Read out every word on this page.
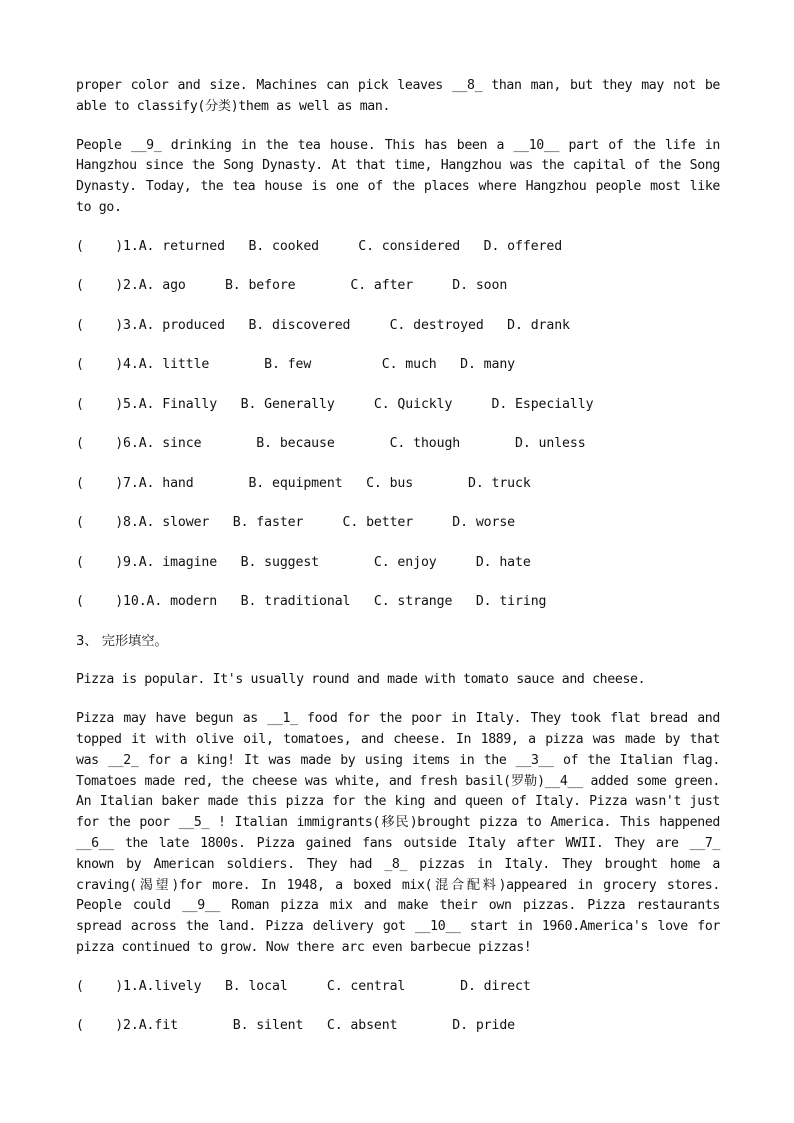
proper color and size. Machines can pick leaves __8_ than man, but they may not be able to classify(分类)them as well as man.

People __9_ drinking in the tea house. This has been a __10__ part of the life in Hangzhou since the Song Dynasty. At that time, Hangzhou was the capital of the Song Dynasty. Today, the tea house is one of the places where Hangzhou people most like to go.

(    )1.A. returned   B. cooked     C. considered   D. offered
(    )2.A. ago     B. before       C. after     D. soon
(    )3.A. produced   B. discovered     C. destroyed   D. drank
(    )4.A. little       B. few         C. much   D. many
(    )5.A. Finally   B. Generally     C. Quickly     D. Especially
(    )6.A. since       B. because       C. though       D. unless
(    )7.A. hand       B. equipment   C. bus       D. truck
(    )8.A. slower   B. faster     C. better     D. worse
(    )9.A. imagine   B. suggest       C. enjoy     D. hate
(    )10.A. modern   B. traditional   C. strange   D. tiring

3、 完形填空。

Pizza is popular. It's usually round and made with tomato sauce and cheese.

Pizza may have begun as __1_ food for the poor in Italy. They took flat bread and topped it with olive oil, tomatoes, and cheese. In 1889, a pizza was made by that was __2_ for a king! It was made by using items in the __3__ of the Italian flag. Tomatoes made red, the cheese was white, and fresh basil(罗勒)__4__ added some green. An Italian baker made this pizza for the king and queen of Italy. Pizza wasn't just for the poor __5_ ! Italian immigrants(移民)brought pizza to America. This happened __6__ the late 1800s. Pizza gained fans outside Italy after WWII. They are __7_ known by American soldiers. They had _8_ pizzas in Italy. They brought home a craving(渴望)for more. In 1948, a boxed mix(混合配料)appeared in grocery stores. People could __9__ Roman pizza mix and make their own pizzas. Pizza restaurants spread across the land. Pizza delivery got __10__ start in 1960.America's love for pizza continued to grow. Now there arc even barbecue pizzas!

(    )1.A.lively   B. local     C. central       D. direct
(    )2.A.fit       B. silent   C. absent       D. pride
